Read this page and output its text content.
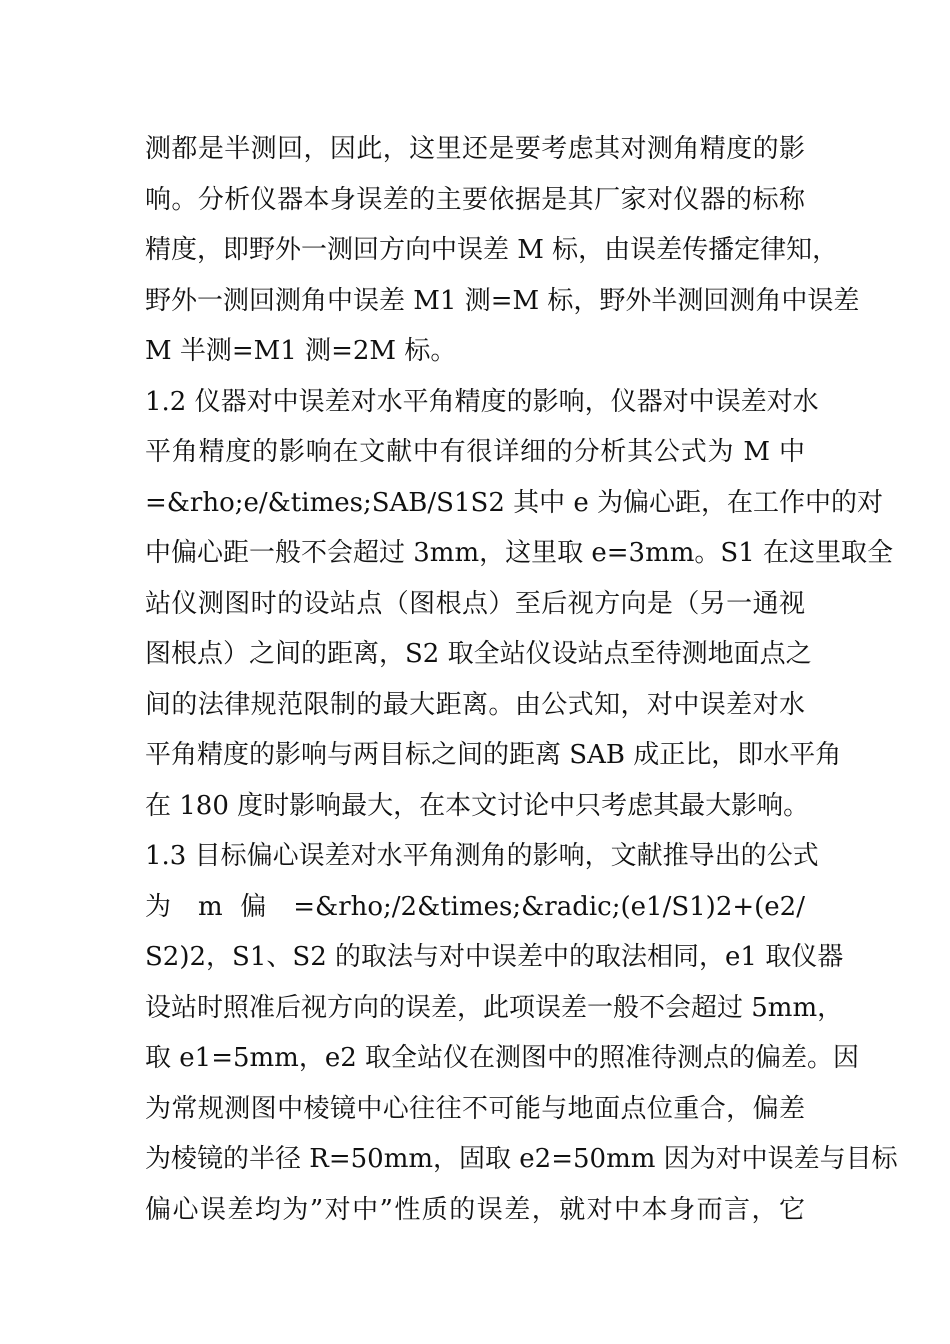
测都是半测回，因此，这里还是要考虑其对测角精度的影
响。分析仪器本身误差的主要依据是其厂家对仪器的标称
精度，即野外一测回方向中误差 M 标，由误差传播定律知，
野外一测回测角中误差 M1 测=M 标，野外半测回测角中误差
M 半测=M1 测=2M 标。
1.2 仪器对中误差对水平角精度的影响，仪器对中误差对水
平角精度的影响在文献中有很详细的分析其公式为 M 中
=&rho;e/&times;SAB/S1S2 其中 e 为偏心距，在工作中的对
中偏心距一般不会超过 3mm，这里取 e=3mm。S1 在这里取全
站仪测图时的设站点（图根点）至后视方向是（另一通视
图根点）之间的距离，S2 取全站仪设站点至待测地面点之
间的法律规范限制的最大距离。由公式知，对中误差对水
平角精度的影响与两目标之间的距离 SAB 成正比，即水平角
在 180 度时影响最大，在本文讨论中只考虑其最大影响。
1.3 目标偏心误差对水平角测角的影响，文献推导出的公式
为 m 偏 =&rho;/2&times;&radic;(e1/S1)2+(e2/
S2)2，S1、S2 的取法与对中误差中的取法相同，e1 取仪器
设站时照准后视方向的误差，此项误差一般不会超过 5mm，
取 e1=5mm，e2 取全站仪在测图中的照准待测点的偏差。因
为常规测图中棱镜中心往往不可能与地面点位重合，偏差
为棱镜的半径 R=50mm，固取 e2=50mm 因为对中误差与目标
偏心误差均为”对中”性质的误差，就对中本身而言，它
